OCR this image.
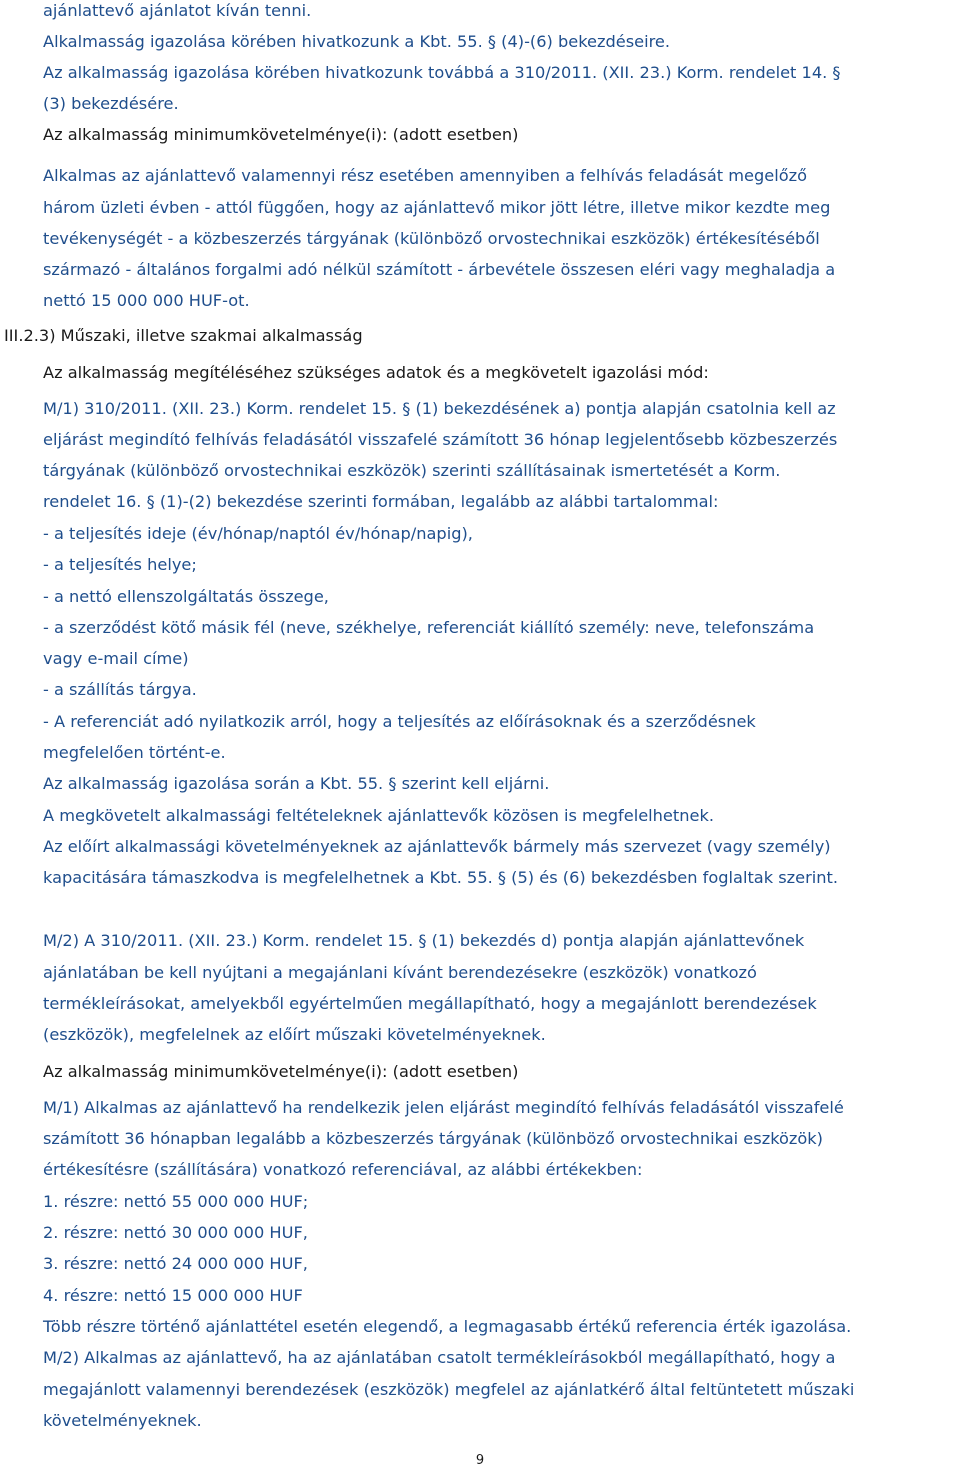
ajánlattevő ajánlatot kíván tenni.
Alkalmasság igazolása körében hivatkozunk a Kbt. 55. § (4)-(6) bekezdéseire.
Az alkalmasság igazolása körében hivatkozunk továbbá a 310/2011. (XII. 23.) Korm. rendelet 14. §
(3) bekezdésére.
Az alkalmasság minimumkövetelménye(i): (adott esetben)
Alkalmas az ajánlattevő valamennyi rész esetében amennyiben a felhívás feladását megelőző
három üzleti évben - attól függően, hogy az ajánlattevő mikor jött létre, illetve mikor kezdte meg
tevékenységét - a közbeszerzés tárgyának (különböző orvostechnikai eszközök) értékesítéséből
származó - általános forgalmi adó nélkül számított - árbevétele összesen eléri vagy meghaladja a
nettó 15 000 000 HUF-ot.
III.2.3) Műszaki, illetve szakmai alkalmasság
Az alkalmasság megítéléséhez szükséges adatok és a megkövetelt igazolási mód:
M/1) 310/2011. (XII. 23.) Korm. rendelet 15. § (1) bekezdésének a) pontja alapján csatolnia kell az
eljárást megindító felhívás feladásától visszafelé számított 36 hónap legjelentősebb közbeszerzés
tárgyának (különböző orvostechnikai eszközök) szerinti szállításainak ismertetését a Korm.
rendelet 16. § (1)-(2) bekezdése szerinti formában, legalább az alábbi tartalommal:
- a teljesítés ideje (év/hónap/naptól év/hónap/napig),
- a teljesítés helye;
- a nettó ellenszolgáltatás összege,
- a szerződést kötő másik fél (neve, székhelye, referenciát kiállító személy: neve, telefonszáma
vagy e-mail címe)
- a szállítás tárgya.
- A referenciát adó nyilatkozik arról, hogy a teljesítés az előírásoknak és a szerződésnek
megfelelően történt-e.
Az alkalmasság igazolása során a Kbt. 55. § szerint kell eljárni.
A megkövetelt alkalmassági feltételeknek ajánlattevők közösen is megfelelhetnek.
Az előírt alkalmassági követelményeknek az ajánlattevők bármely más szervezet (vagy személy)
kapacitására támaszkodva is megfelelhetnek a Kbt. 55. § (5) és (6) bekezdésben foglaltak szerint.
M/2) A 310/2011. (XII. 23.) Korm. rendelet 15. § (1) bekezdés d) pontja alapján ajánlattevőnek
ajánlatában be kell nyújtani a megajánlani kívánt berendezésekre (eszközök) vonatkozó
termékleírásokat, amelyekből egyértelműen megállapítható, hogy a megajánlott berendezések
(eszközök), megfelelnek az előírt műszaki követelményeknek.
Az alkalmasság minimumkövetelménye(i): (adott esetben)
M/1) Alkalmas az ajánlattevő ha rendelkezik jelen eljárást megindító felhívás feladásától visszafelé
számított 36 hónapban legalább a közbeszerzés tárgyának (különböző orvostechnikai eszközök)
értékesítésre (szállítására) vonatkozó referenciával, az alábbi értékekben:
1. részre: nettó 55 000 000 HUF;
2. részre: nettó 30 000 000 HUF,
3. részre: nettó 24 000 000 HUF,
4. részre: nettó 15 000 000 HUF
Több részre történő ajánlattétel esetén elegendő, a legmagasabb értékű referencia érték igazolása.
M/2) Alkalmas az ajánlattevő, ha az ajánlatában csatolt termékleírásokból megállapítható, hogy a
megajánlott valamennyi berendezések (eszközök) megfelel az ajánlatkérő által feltüntetett műszaki
követelményeknek.
9
